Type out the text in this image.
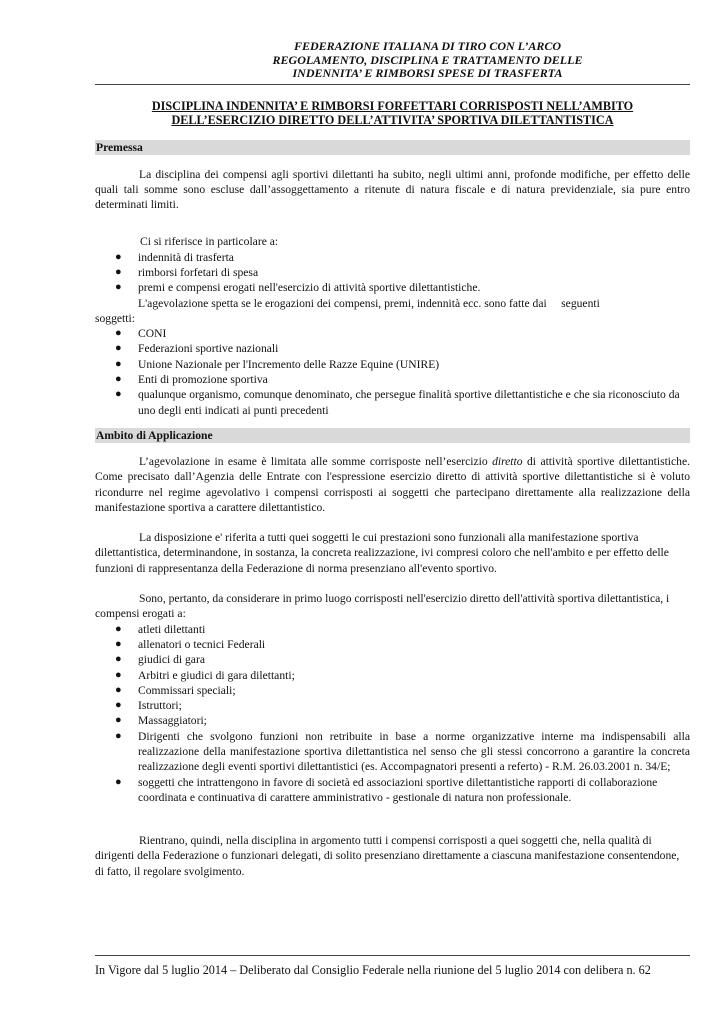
FEDERAZIONE ITALIANA DI TIRO CON L’ARCO
REGOLAMENTO, DISCIPLINA E TRATTAMENTO DELLE
INDENNITA’ E RIMBORSI SPESE DI TRASFERTA
DISCIPLINA INDENNITA’ E RIMBORSI FORFETTARI CORRISPOSTI NELL’AMBITO
DELL’ESERCIZIO DIRETTO DELL’ATTIVITA’ SPORTIVA DILETTANTISTICA
Premessa

La disciplina dei compensi agli sportivi dilettanti ha subito, negli ultimi anni, profonde modifiche, per effetto delle quali tali somme sono escluse dall’assoggettamento a ritenute di natura fiscale e di natura previdenziale, sia pure entro determinati limiti.

Ci si riferisce in particolare a:

● indennità di trasferta
● rimborsi forfetari di spesa
● premi e compensi erogati nell'esercizio di attività sportive dilettantistiche.

L'agevolazione spetta se le erogazioni dei compensi, premi, indennità ecc. sono fatte dai     seguenti

soggetti:

● CONI
● Federazioni sportive nazionali
● Unione Nazionale per l'Incremento delle Razze Equine (UNIRE)
● Enti di promozione sportiva
● qualunque organismo, comunque denominato, che persegue finalità sportive dilettantistiche e che sia riconosciuto da uno degli enti indicati ai punti precedenti
Ambito di Applicazione

L’agevolazione in esame è limitata alle somme corrisposte nell’esercizio diretto di attività sportive dilettantistiche. Come precisato dall’Agenzia delle Entrate con l'espressione esercizio diretto di attività sportive dilettantistiche si è voluto ricondurre nel regime agevolativo i compensi corrisposti ai soggetti che partecipano direttamente alla realizzazione della manifestazione sportiva a carattere dilettantistico.

La disposizione e' riferita a tutti quei soggetti le cui prestazioni sono funzionali alla manifestazione sportiva dilettantistica, determinandone, in sostanza, la concreta realizzazione, ivi compresi coloro che nell'ambito e per effetto delle funzioni di rappresentanza della Federazione di norma presenziano all'evento sportivo.

Sono, pertanto, da considerare in primo luogo corrisposti nell'esercizio diretto dell'attività sportiva dilettantistica, i compensi erogati a:

● atleti dilettanti
● allenatori o tecnici Federali
● giudici di gara
● Arbitri e giudici di gara dilettanti;
● Commissari speciali;
● Istruttori;
● Massaggiatori;
● Dirigenti che svolgono funzioni non retribuite in base a norme organizzative interne ma indispensabili alla realizzazione della manifestazione sportiva dilettantistica nel senso che gli stessi concorrono a garantire la concreta realizzazione degli eventi sportivi dilettantistici (es. Accompagnatori presenti a referto) - R.M. 26.03.2001 n. 34/E;
● soggetti che intrattengono in favore di società ed associazioni sportive dilettantistiche rapporti di collaborazione coordinata e continuativa di carattere amministrativo - gestionale di natura non professionale.

Rientrano, quindi, nella disciplina in argomento tutti i compensi corrisposti a quei soggetti che, nella qualità di dirigenti della Federazione o funzionari delegati, di solito presenziano direttamente a ciascuna manifestazione consentendone, di fatto, il regolare svolgimento.

In Vigore dal 5 luglio 2014 – Deliberato dal Consiglio Federale nella riunione del 5 luglio 2014 con delibera n. 62
